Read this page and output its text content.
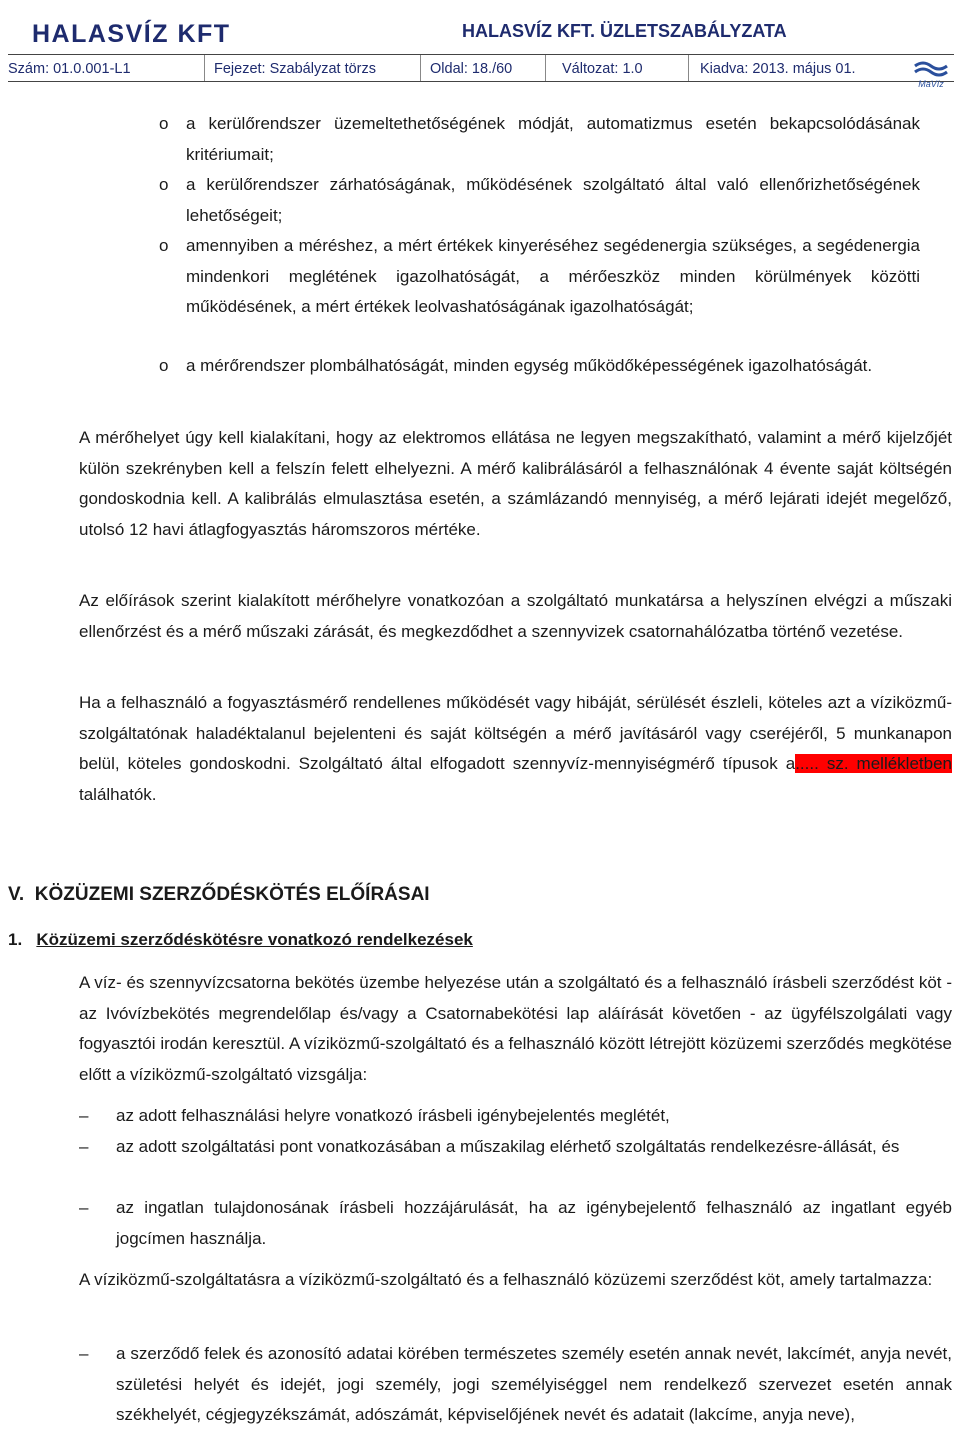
HALASVÍZ KFT	HALASVÍZ KFT. ÜZLETSZABÁLYZATA
Szám: 01.0.001-L1	Fejezet: Szabályzat törzs	Oldal: 18./60	Változat: 1.0	Kiadva: 2013. május 01.
MaVíz
o a kerülőrendszer üzemeltethetőségének módját, automatizmus esetén bekapcsolódásának kritériumait;
o a kerülőrendszer zárhatóságának, működésének szolgáltató által való ellenőrizhetőségének lehetőségeit;
o amennyiben a méréshez, a mért értékek kinyeréséhez segédenergia szükséges, a segédenergia mindenkori meglétének igazolhatóságát, a mérőeszköz minden körülmények közötti működésének, a mért értékek leolvashatóságának igazolhatóságát;
o a mérőrendszer plombálhatóságát, minden egység működőképességének igazolhatóságát.
A mérőhelyet úgy kell kialakítani, hogy az elektromos ellátása ne legyen megszakítható, valamint a mérő kijelzőjét külön szekrényben kell a felszín felett elhelyezni. A mérő kalibrálásáról a felhasználónak 4 évente saját költségén gondoskodnia kell. A kalibrálás elmulasztása esetén, a számlázandó mennyiség, a mérő lejárati idejét megelőző, utolsó 12 havi átlagfogyasztás háromszoros mértéke.
Az előírások szerint kialakított mérőhelyre vonatkozóan a szolgáltató munkatársa a helyszínen elvégzi a műszaki ellenőrzést és a mérő műszaki zárását, és megkezdődhet a szennyvizek csatornahálózatba történő vezetése.
Ha a felhasználó a fogyasztásmérő rendellenes működését vagy hibáját, sérülését észleli, köteles azt a víziközmű-szolgáltatónak haladéktalanul bejelenteni és saját költségén a mérő javításáról vagy cseréjéről, 5 munkanapon belül, köteles gondoskodni. Szolgáltató által elfogadott szennyvíz-mennyiségmérő típusok a..... sz. mellékletben találhatók.
V. KÖZÜZEMI SZERZŐDÉSKÖTÉS ELŐÍRÁSAI
1. Közüzemi szerződéskötésre vonatkozó rendelkezések
A víz- és szennyvízcsatorna bekötés üzembe helyezése után a szolgáltató és a felhasználó írásbeli szerződést köt - az Ivóvízbekötés megrendelőlap és/vagy a Csatornabekötési lap aláírását követően - az ügyfélszolgálati vagy fogyasztói irodán keresztül. A víziközmű-szolgáltató és a felhasználó között létrejött közüzemi szerződés megkötése előtt a víziközmű-szolgáltató vizsgálja:
– az adott felhasználási helyre vonatkozó írásbeli igénybejelentés meglétét,
– az adott szolgáltatási pont vonatkozásában a műszakilag elérhető szolgáltatás rendelkezésre-állását, és
– az ingatlan tulajdonosának írásbeli hozzájárulását, ha az igénybejelentő felhasználó az ingatlant egyéb jogcímen használja.
A víziközmű-szolgáltatásra a víziközmű-szolgáltató és a felhasználó közüzemi szerződést köt, amely tartalmazza:
– a szerződő felek és azonosító adatai körében természetes személy esetén annak nevét, lakcímét, anyja nevét, születési helyét és idejét, jogi személy, jogi személyiséggel nem rendelkező szervezet esetén annak székhelyét, cégjegyzékszámát, adószámát, képviselőjének nevét és adatait (lakcíme, anyja neve),
